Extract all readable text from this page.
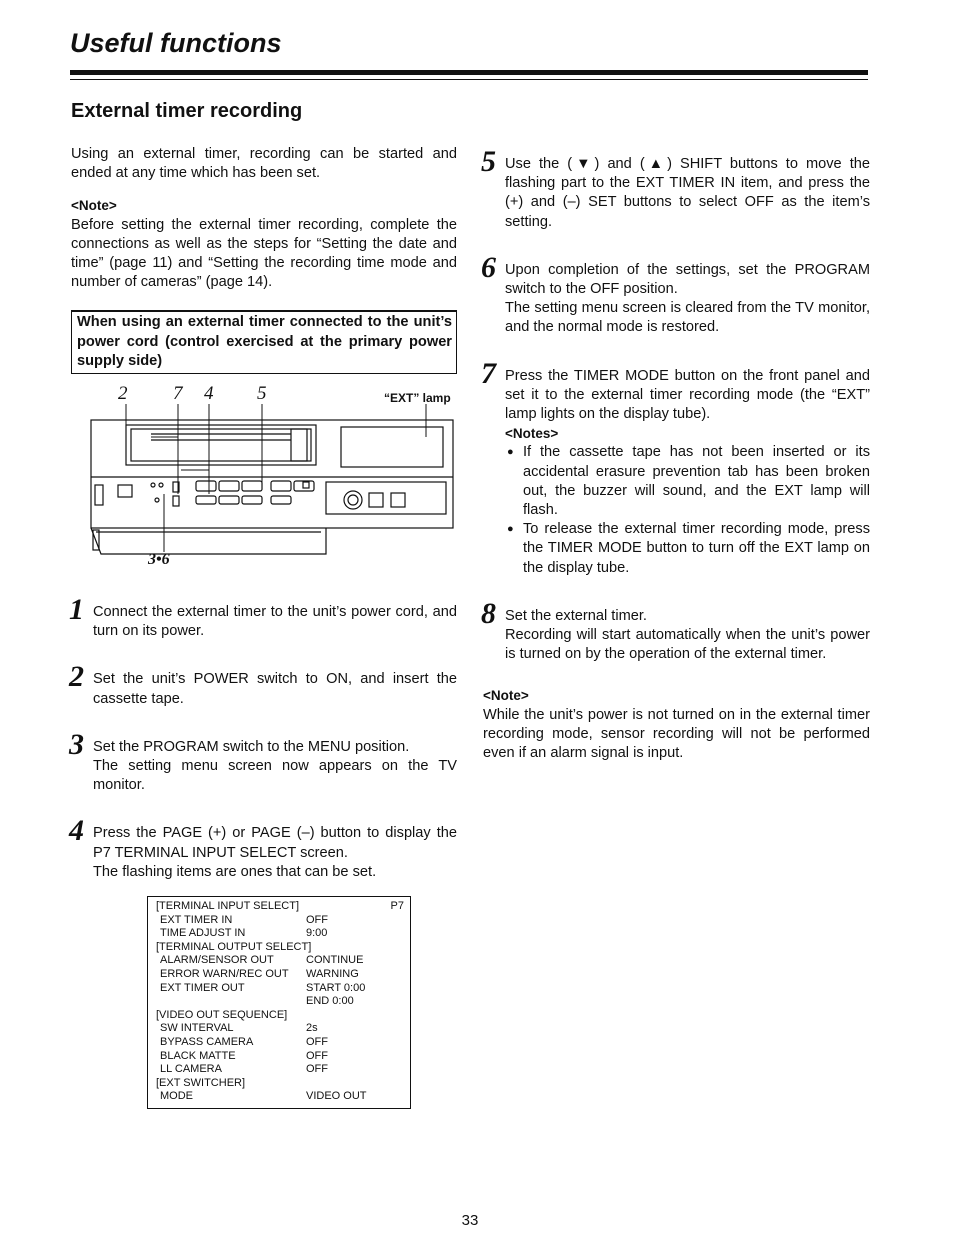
Useful functions
External timer recording
Using an external timer, recording can be started and ended at any time which has been set.
<Note>
Before setting the external timer recording, complete the connections as well as the steps for “Setting the date and time” (page 11) and “Setting the recording time mode and number of cameras” (page 14).
When using an external timer connected to the unit’s power cord (control exercised at the primary power supply side)
2 7 4 5	“EXT” lamp
3•6
1 Connect the external timer to the unit’s power cord, and turn on its power.
2 Set the unit’s POWER switch to ON, and insert the cassette tape.
3 Set the PROGRAM switch to the MENU position.
The setting menu screen now appears on the TV monitor.
4 Press the PAGE (+) or PAGE (–) button to display the P7 TERMINAL INPUT SELECT screen.
The flashing items are ones that can be set.
[TERMINAL INPUT SELECT]	P7
EXT TIMER IN	OFF
TIME ADJUST IN	9:00
[TERMINAL OUTPUT SELECT]
ALARM/SENSOR OUT	CONTINUE
ERROR WARN/REC OUT WARNING
EXT TIMER OUT	START 0:00
END 0:00
[VIDEO OUT SEQUENCE]
SW INTERVAL	2s
BYPASS CAMERA	OFF
BLACK MATTE	OFF
LL CAMERA	OFF
[EXT SWITCHER]
MODE	VIDEO OUT
5 Use the (▼) and (▲) SHIFT buttons to move the flashing part to the EXT TIMER IN item, and press the (+) and (–) SET buttons to select OFF as the item’s setting.
6 Upon completion of the settings, set the PROGRAM switch to the OFF position.
The setting menu screen is cleared from the TV monitor, and the normal mode is restored.
7 Press the TIMER MODE button on the front panel and set it to the external timer recording mode (the “EXT” lamp lights on the display tube).
<Notes>
● If the cassette tape has not been inserted or its accidental erasure prevention tab has been broken out, the buzzer will sound, and the EXT lamp will flash.
● To release the external timer recording mode, press the TIMER MODE button to turn off the EXT lamp on the display tube.
8 Set the external timer.
Recording will start automatically when the unit’s power is turned on by the operation of the external timer.
<Note>
While the unit’s power is not turned on in the external timer recording mode, sensor recording will not be performed even if an alarm signal is input.
33
